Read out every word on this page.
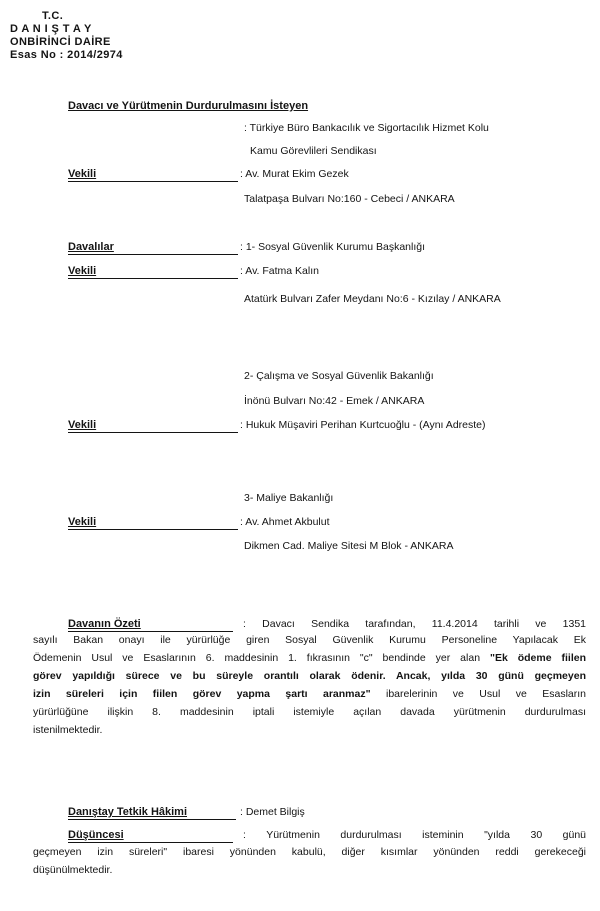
T.C.
D A N I Ş T A Y
ONBİRİNCİ DAİRE
Esas No : 2014/2974
Davacı ve Yürütmenin Durdurulmasını İsteyen
: Türkiye Büro Bankacılık ve Sigortacılık Hizmet Kolu
Kamu Görevlileri Sendikası
Vekili	: Av. Murat Ekim Gezek
Talatpaşa Bulvarı No:160 - Cebeci / ANKARA
Davalılar	: 1- Sosyal Güvenlik Kurumu Başkanlığı
Vekili	: Av. Fatma Kalın
Atatürk Bulvarı Zafer Meydanı No:6 - Kızılay / ANKARA
2- Çalışma ve Sosyal Güvenlik Bakanlığı
İnönü Bulvarı No:42 - Emek / ANKARA
Vekili	: Hukuk Müşaviri Perihan Kurtcuoğlu - (Aynı Adreste)
3- Maliye Bakanlığı
Vekili	: Av. Ahmet Akbulut
Dikmen Cad. Maliye Sitesi M Blok - ANKARA
Davanın Özeti	: Davacı Sendika tarafından, 11.4.2014 tarihli ve 1351
sayılı Bakan onayı ile yürürlüğe giren Sosyal Güvenlik Kurumu Personeline Yapılacak Ek
Ödemenin Usul ve Esaslarının 6. maddesinin 1. fıkrasının "c" bendinde yer alan "Ek ödeme fiilen
görev yapıldığı sürece ve bu süreyle orantılı olarak ödenir. Ancak, yılda 30 günü geçmeyen
izin süreleri için fiilen görev yapma şartı aranmaz" ibarelerinin ve Usul ve Esasların
yürürlüğüne ilişkin 8. maddesinin iptali istemiyle açılan davada yürütmenin durdurulması
istenilmektedir.
Danıştay Tetkik Hâkimi	: Demet Bilgiş
Düşüncesi	: Yürütmenin durdurulması isteminin "yılda 30 günü
geçmeyen izin süreleri" ibaresi yönünden kabulü, diğer kısımlar yönünden reddi gerekeceği
düşünülmektedir.
